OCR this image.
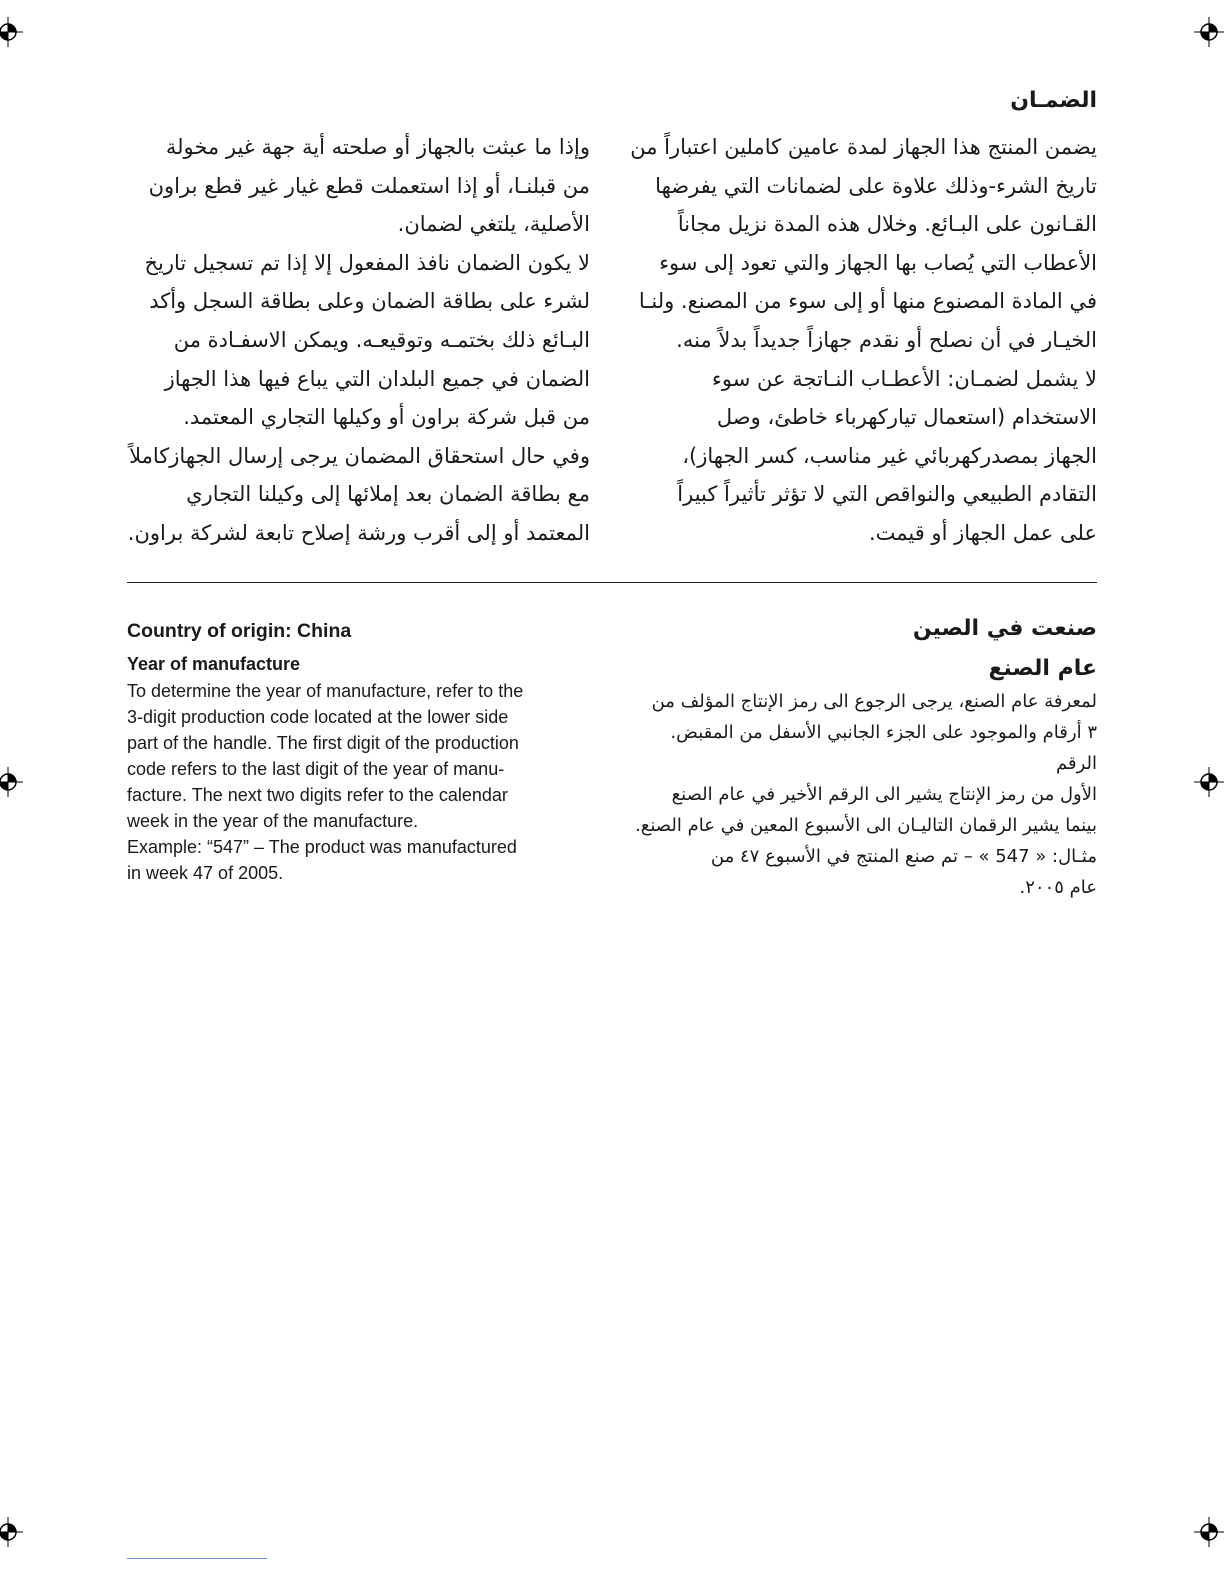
الضمـان

يضمن المنتج هذا الجهاز لمدة عامين كاملين اعتباراً من

تاريخ الشرء-وذلك علاوة على لضمانات التي يفرضها

القـانون على البـائع. وخلال هذه المدة نزيل مجاناً

الأعطاب التي يُصاب بها الجهاز والتي تعود إلى سوء

في المادة المصنوع منها أو إلى سوء من المصنع. ولنـا

الخيـار في أن نصلح أو نقدم جهازاً جديداً بدلاً منه.

لا يشمل لضمـان: الأعطـاب النـاتجة عن سوء

الاستخدام (استعمال تياركهرباء خاطئ، وصل

الجهاز بمصدركهربائي غير مناسب، كسر الجهاز)،

التقادم الطبيعي والنواقص التي لا تؤثر تأثيراً كبيراً

على عمل الجهاز أو قيمت.

وإذا ما عبثت بالجهاز أو صلحته أية جهة غير مخولة

من قبلنـا، أو إذا استعملت قطع غيار غير قطع براون

الأصلية، يلتغي لضمان.

لا يكون الضمان نافذ المفعول إلا إذا تم تسجيل تاريخ

لشرء على بطاقة الضمان وعلى بطاقة السجل وأكد

البـائع ذلك بختمـه وتوقيعـه. ويمكن الاسفـادة من

الضمان في جميع البلدان التي يباع فيها هذا الجهاز

من قبل شركة براون أو وكيلها التجاري المعتمد.

وفي حال استحقاق المضمان يرجى إرسال الجهازكاملاً

مع بطاقة الضمان بعد إملائها إلى وكيلنا التجاري

المعتمد أو إلى أقرب ورشة إصلاح تابعة لشركة براون.

Country of origin: China

Year of manufacture

To determine the year of manufacture, refer to the

3-digit production code located at the lower side

part of the handle. The first digit of the production

code refers to the last digit of the year of manu-

facture. The next two digits refer to the calendar

week in the year of the manufacture.

Example: “547” – The product was manufactured

in week 47 of 2005.

صنعت في الصين

عام الصنع

لمعرفة عام الصنع، يرجى الرجوع الى رمز الإنتاج المؤلف من

٣ أرقام والموجود على الجزء الجانبي الأسفل من المقبض. الرقم

الأول من رمز الإنتاج يشير الى الرقم الأخير في عام الصنع

بينما يشير الرقمان التاليـان الى الأسبوع المعين في عام الصنع.

مثـال: « 547 » – تم صنع المنتج في الأسبوع ٤٧ من

عام ٢٠٠٥.
